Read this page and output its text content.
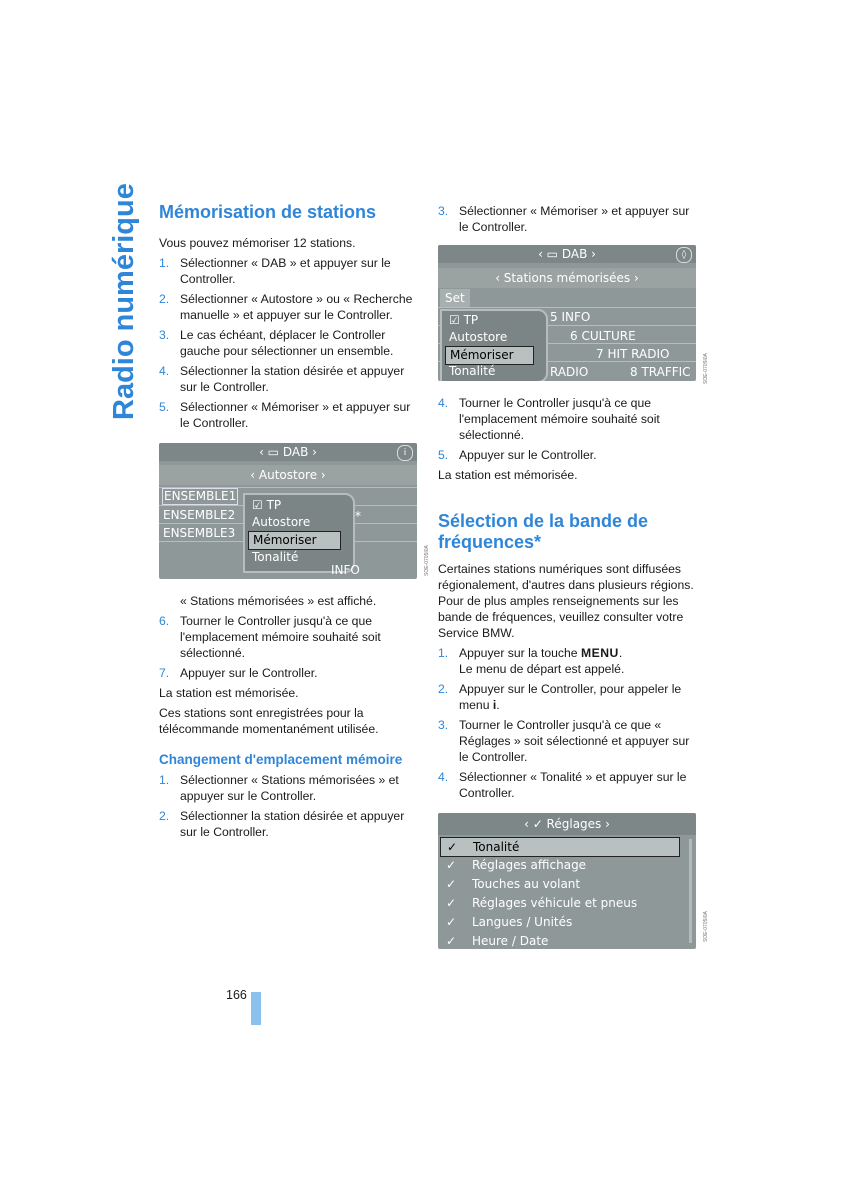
Radio numérique Mémorisation de stations

Vous pouvez mémoriser 12 stations.

1. Sélectionner « DAB » et appuyer sur le Controller.
2. Sélectionner « Autostore » ou « Recherche manuelle » et appuyer sur le Controller.
3. Le cas échéant, déplacer le Controller gauche pour sélectionner un ensemble.
4. Sélectionner la station désirée et appuyer sur le Controller.
5. Sélectionner « Mémoriser » et appuyer sur le Controller.
‹ ▭ DAB ›	i
‹ Autostore ›
ENSEMBLE1
ENSEMBLE2
ENSEMBLE3
*
☑ TP
Autostore
Mémoriser
Tonalité
INFO

« Stations mémorisées » est affiché.

6. Tourner le Controller jusqu'à ce que l'emplacement mémoire souhaité soit sélectionné.
7. Appuyer sur le Controller.

La station est mémorisée.

Ces stations sont enregistrées pour la télécommande momentanément utilisée.

Changement d'emplacement mémoire
1. Sélectionner « Stations mémorisées » et appuyer sur le Controller.
2. Sélectionner la station désirée et appuyer sur le Controller.
3. Sélectionner « Mémoriser » et appuyer sur le Controller.
‹ ▭ DAB ›	◊
‹ Stations mémorisées ›
Set
5 INFO
6 CULTURE
7 HIT RADIO
RADIO	8 TRAFFIC
☑ TP
Autostore
Mémoriser
Tonalité
4. Tourner le Controller jusqu'à ce que l'emplacement mémoire souhaité soit sélectionné.
5. Appuyer sur le Controller.

La station est mémorisée.

Sélection de la bande de fréquences*

Certaines stations numériques sont diffusées régionalement, d'autres dans plusieurs régions. Pour de plus amples renseignements sur les bande de fréquences, veuillez consulter votre Service BMW.

1. Appuyer sur la touche MENU.
Le menu de départ est appelé.
2. Appuyer sur le Controller, pour appeler le menu i.
3. Tourner le Controller jusqu'à ce que « Réglages » soit sélectionné et appuyer sur le Controller.
4. Sélectionner « Tonalité » et appuyer sur le Controller.
‹ ✓ Réglages ›
✓ Tonalité
✓ Réglages affichage
✓ Touches au volant
✓ Réglages véhicule et pneus
✓ Langues / Unités
✓ Heure / Date
SOE-0705I0A
SOE-0705I0A
SOE-0705I0A
166
